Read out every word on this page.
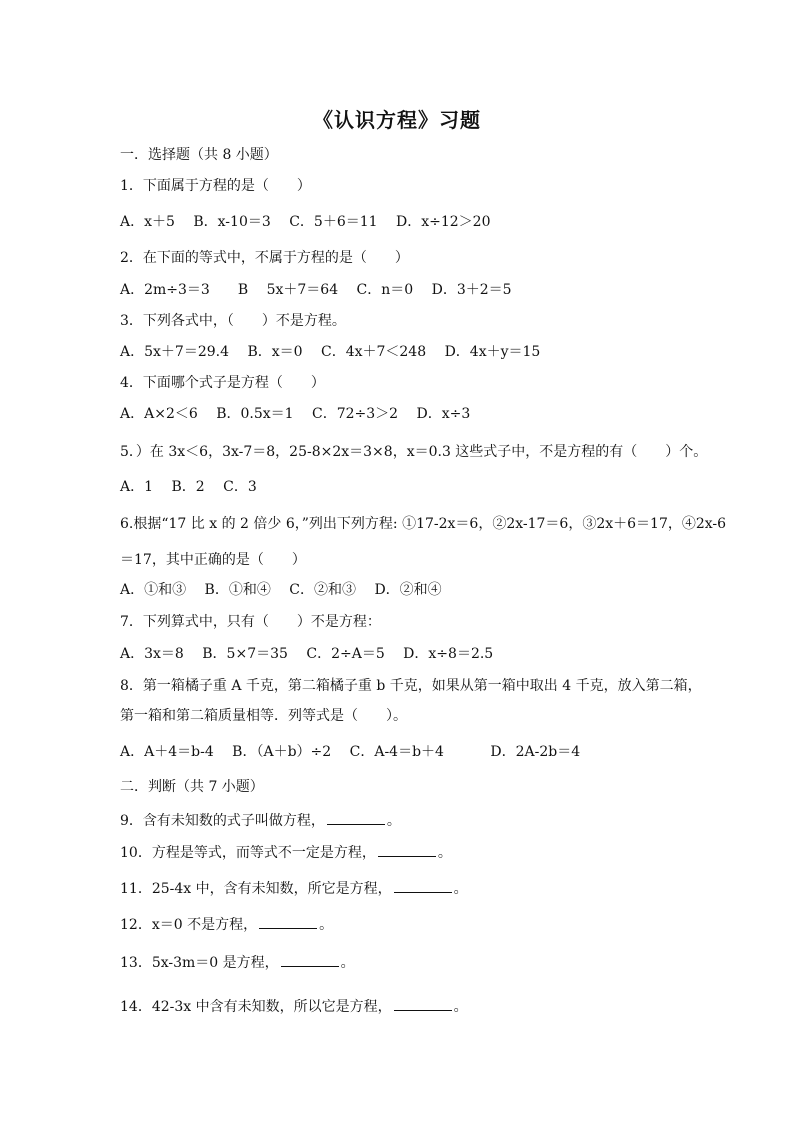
《认识方程》习题
一．选择题（共 8 小题）
1．下面属于方程的是（　　）
A．x＋5　 B．x-10＝3　 C．5＋6＝11　 D．x÷12＞20
2．在下面的等式中，不属于方程的是（　　）
A．2m÷3＝3　　B　 5x＋7＝64　 C．n＝0　 D．3＋2＝5
3．下列各式中，（　　）不是方程。
A．5x＋7＝29.4　 B．x＝0　 C．4x＋7＜248　 D．4x＋y＝15
4．下面哪个式子是方程（　　）
A．A×2＜6　 B．0.5x＝1　 C．72÷3＞2　 D．x÷3
5．）在 3x＜6，3x-7＝8，25-8×2x＝3×8，x＝0.3 这些式子中，不是方程的有（　　）个。
A．1　 B．2　 C．3
6.根据“17 比 x 的 2 倍少 6，”列出下列方程: ①17-2x＝6，②2x-17＝6，③2x＋6＝17，④2x-6
＝17，其中正确的是（　　）
A．①和③　 B．①和④　 C．②和③　 D．②和④
7．下列算式中，只有（　　）不是方程：
A．3x＝8　 B．5×7＝35　 C．2÷A＝5　 D．x÷8＝2.5
8．第一箱橘子重 A 千克，第二箱橘子重 b 千克，如果从第一箱中取出 4 千克，放入第二箱，
第一箱和第二箱质量相等．列等式是（　　）。
A．A＋4＝b-4　 B．（A＋b）÷2　 C．A-4＝b＋4　　　 D．2A-2b＝4
二．判断（共 7 小题）
9．含有未知数的式子叫做方程，	。
10．方程是等式，而等式不一定是方程，	。
11．25-4x 中，含有未知数，所它是方程，	。
12．x＝0 不是方程，	。
13．5x-3m＝0 是方程，	。
14．42-3x 中含有未知数，所以它是方程，	。
